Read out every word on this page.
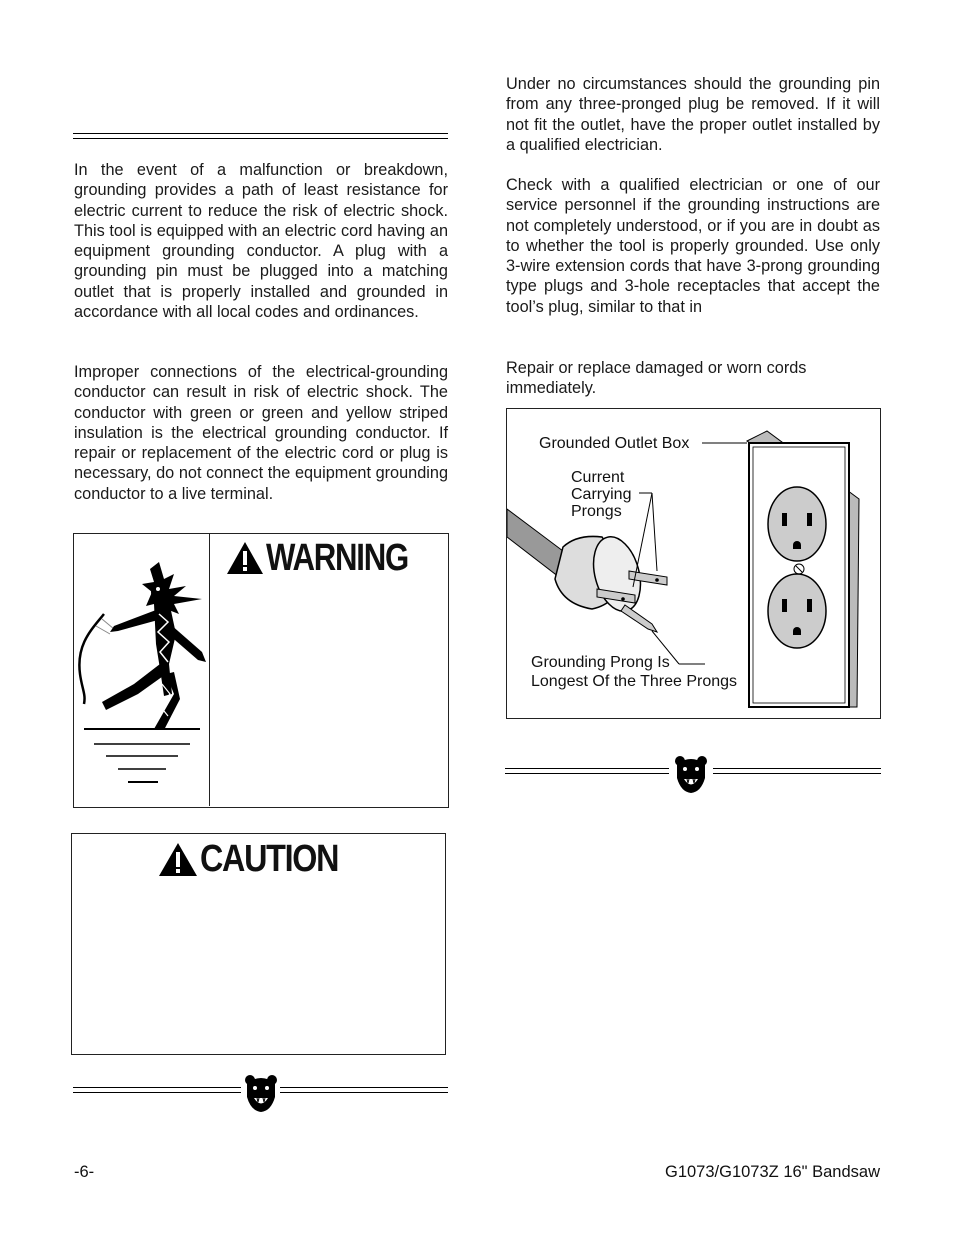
In the event of a malfunction or breakdown, grounding provides a path of least resistance for electric current to reduce the risk of electric shock. This tool is equipped with an electric cord having an equipment grounding conductor. A plug with a grounding pin must be plugged into a matching outlet that is properly installed and grounded in accordance with all local codes and ordinances.

Improper connections of the electrical-grounding conductor can result in risk of electric shock. The conductor with green or green and yellow striped insulation is the electrical grounding conductor. If repair or replacement of the electric cord or plug is necessary, do not connect the equipment grounding conductor to a live terminal.

WARNING
CAUTION

Under no circumstances should the grounding pin from any three-pronged plug be removed. If it will not fit the outlet, have the proper outlet installed by a qualified electrician.

Check with a qualified electrician or one of our service personnel if the grounding instructions are not completely understood, or if you are in doubt as to whether the tool is properly grounded. Use only 3-wire extension cords that have 3-prong grounding type plugs and 3-hole receptacles that accept the tool’s plug, similar to that in

Repair or replace damaged or worn cords immediately.

Grounded Outlet Box
Current
Carrying
Prongs
Grounding Prong Is
Longest Of the Three Prongs
-6-	G1073/G1073Z 16" Bandsaw
